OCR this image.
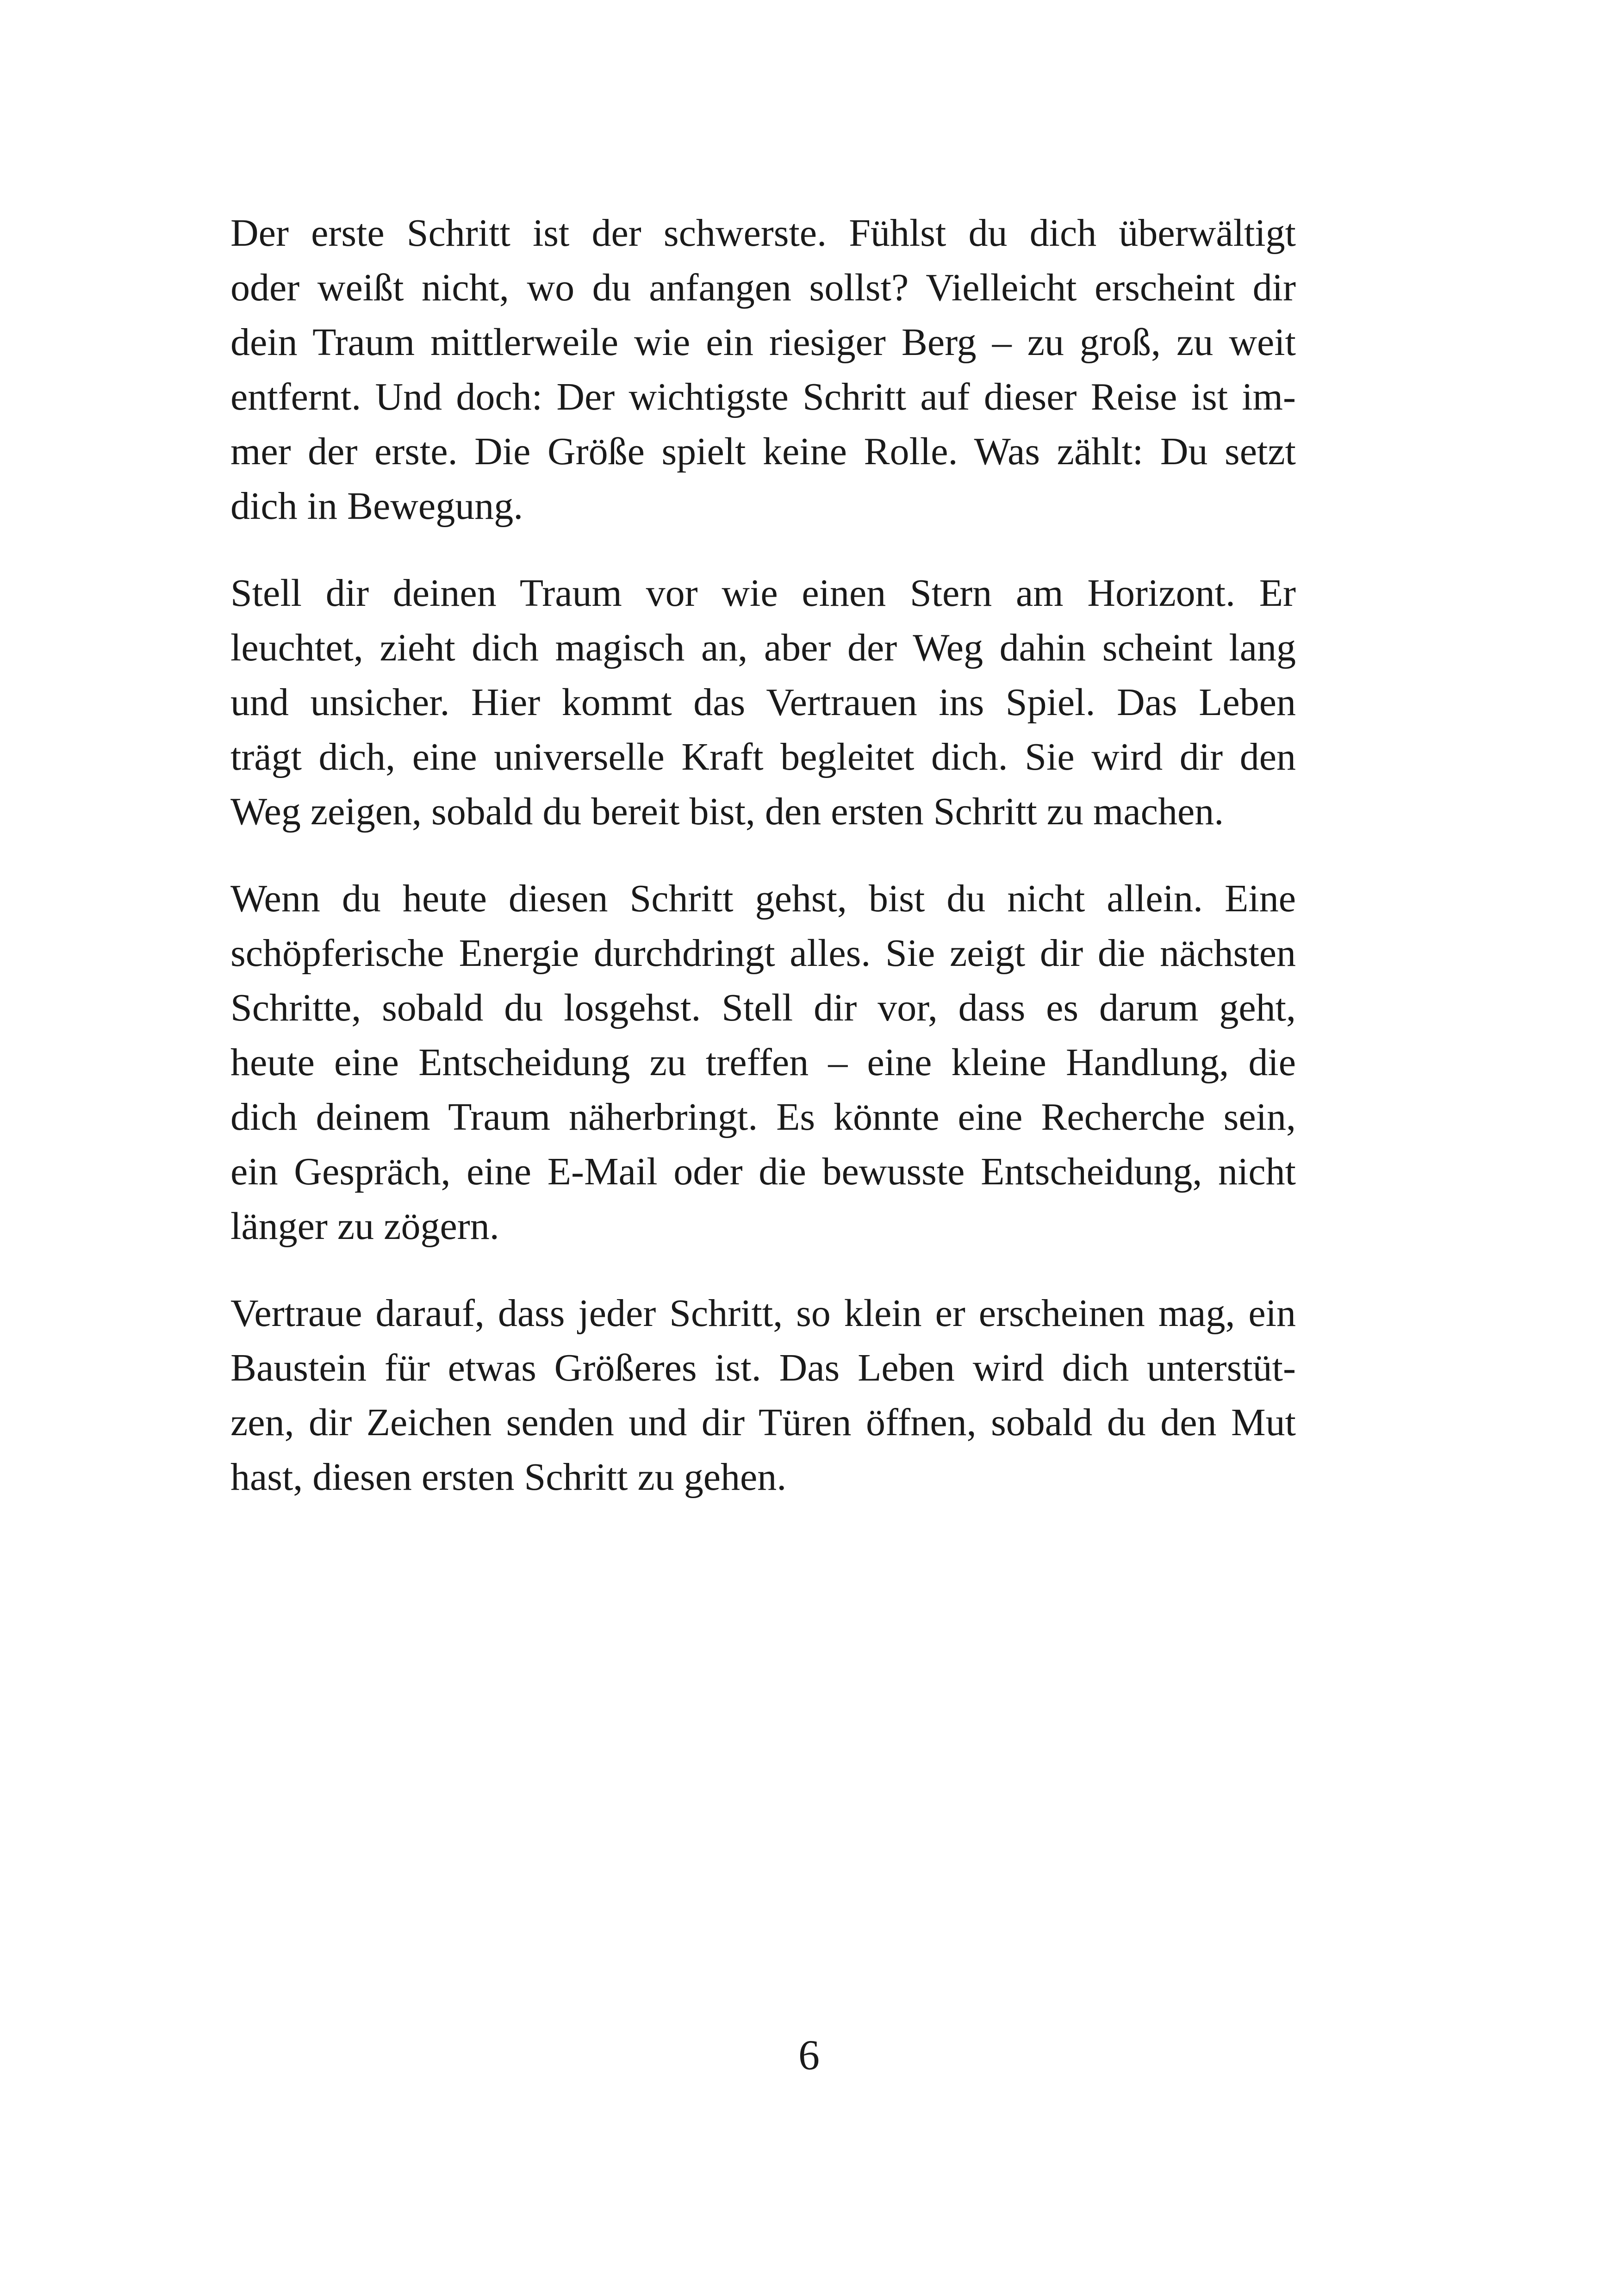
Der erste Schritt ist der schwerste. Fühlst du dich überwältigt
oder weißt nicht, wo du anfangen sollst? Vielleicht erscheint dir
dein Traum mittlerweile wie ein riesiger Berg – zu groß, zu weit
entfernt. Und doch: Der wichtigste Schritt auf dieser Reise ist im-
mer der erste. Die Größe spielt keine Rolle. Was zählt: Du setzt
dich in Bewegung.

Stell dir deinen Traum vor wie einen Stern am Horizont. Er
leuchtet, zieht dich magisch an, aber der Weg dahin scheint lang
und unsicher. Hier kommt das Vertrauen ins Spiel. Das Leben
trägt dich, eine universelle Kraft begleitet dich. Sie wird dir den
Weg zeigen, sobald du bereit bist, den ersten Schritt zu machen.

Wenn du heute diesen Schritt gehst, bist du nicht allein. Eine
schöpferische Energie durchdringt alles. Sie zeigt dir die nächsten
Schritte, sobald du losgehst. Stell dir vor, dass es darum geht,
heute eine Entscheidung zu treffen – eine kleine Handlung, die
dich deinem Traum näherbringt. Es könnte eine Recherche sein,
ein Gespräch, eine E-Mail oder die bewusste Entscheidung, nicht
länger zu zögern.

Vertraue darauf, dass jeder Schritt, so klein er erscheinen mag, ein
Baustein für etwas Größeres ist. Das Leben wird dich unterstüt-
zen, dir Zeichen senden und dir Türen öffnen, sobald du den Mut
hast, diesen ersten Schritt zu gehen.

6
